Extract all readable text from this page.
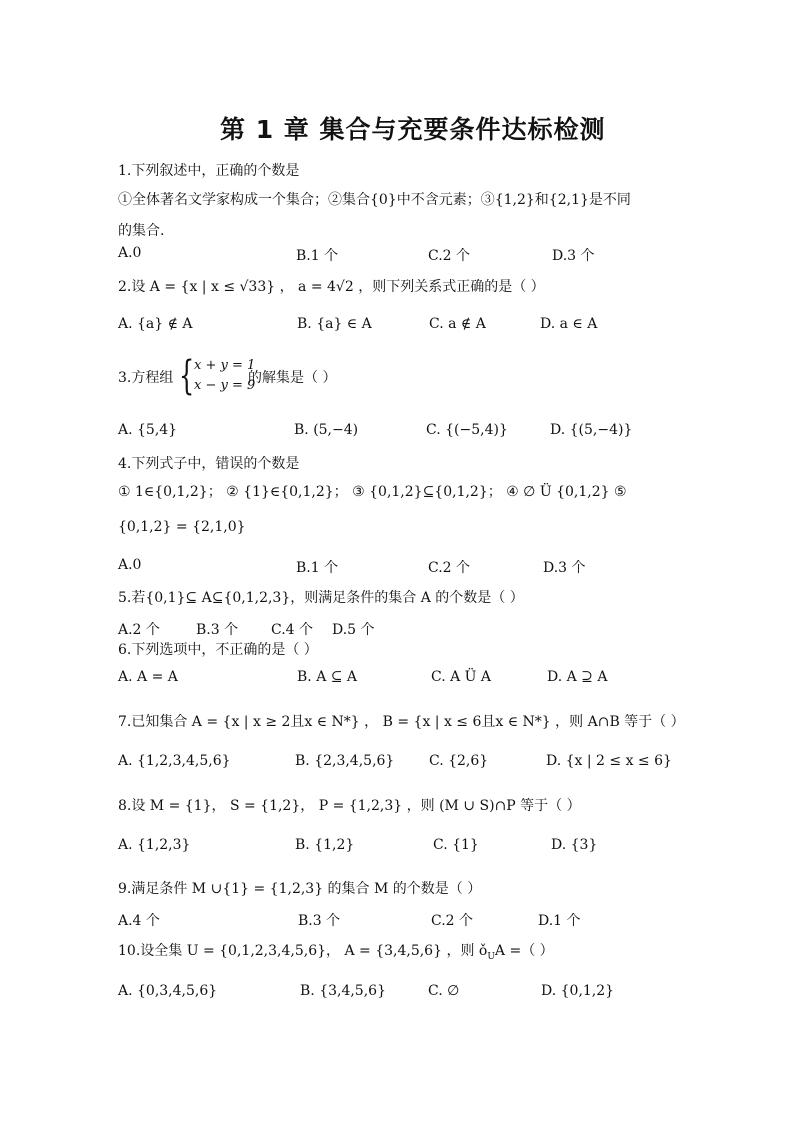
第 1 章 集合与充要条件达标检测
1.下列叙述中，正确的个数是
①全体著名文学家构成一个集合；②集合{0}中不含元素；③{1,2}和{2,1}是不同
的集合.
A.0	B.1 个	C.2 个	D.3 个
2.设 A = {x | x ≤ √33} ， a = 4√2 ，则下列关系式正确的是（ ）
A. {a} ∉ A	B. {a} ∈ A	C. a ∉ A	D. a ∈ A
3.方程组 { x + y = 1
x − y = 9
的解集是（ ）
A. {5,4}	B. (5,−4)	C. {(−5,4)}	D. {(5,−4)}
4.下列式子中，错误的个数是
① 1∈{0,1,2}； ② {1}∈{0,1,2}； ③ {0,1,2}⊆{0,1,2}； ④ ∅ Ü {0,1,2} ⑤
{0,1,2} = {2,1,0}
A.0	B.1 个	C.2 个	D.3 个
5.若{0,1}⊆ A⊆{0,1,2,3}，则满足条件的集合 A 的个数是（ ）
A.2 个	B.3 个 C.4 个 D.5 个
6.下列选项中，不正确的是（ ）
A. A = A	B. A ⊆ A	C. A Ü A	D. A ⊇ A
7.已知集合 A = {x | x ≥ 2且x ∈ N*} ， B = {x | x ≤ 6且x ∈ N*} ，则 A∩B 等于（ ）
A. {1,2,3,4,5,6}	B. {2,3,4,5,6} C. {2,6}	D. {x | 2 ≤ x ≤ 6}
8.设 M = {1}， S = {1,2}， P = {1,2,3} ，则 (M ∪ S)∩P 等于（ ）
A. {1,2,3}	B. {1,2}	C. {1}	D. {3}
9.满足条件 M ∪{1} = {1,2,3} 的集合 M 的个数是（ ）
A.4 个	B.3 个	C.2 个	D.1 个
10.设全集 U = {0,1,2,3,4,5,6}， A = {3,4,5,6} ，则 $ǒ_UA$ =（ ）
A. {0,3,4,5,6}	B. {3,4,5,6}	C. ∅	D. {0,1,2}
